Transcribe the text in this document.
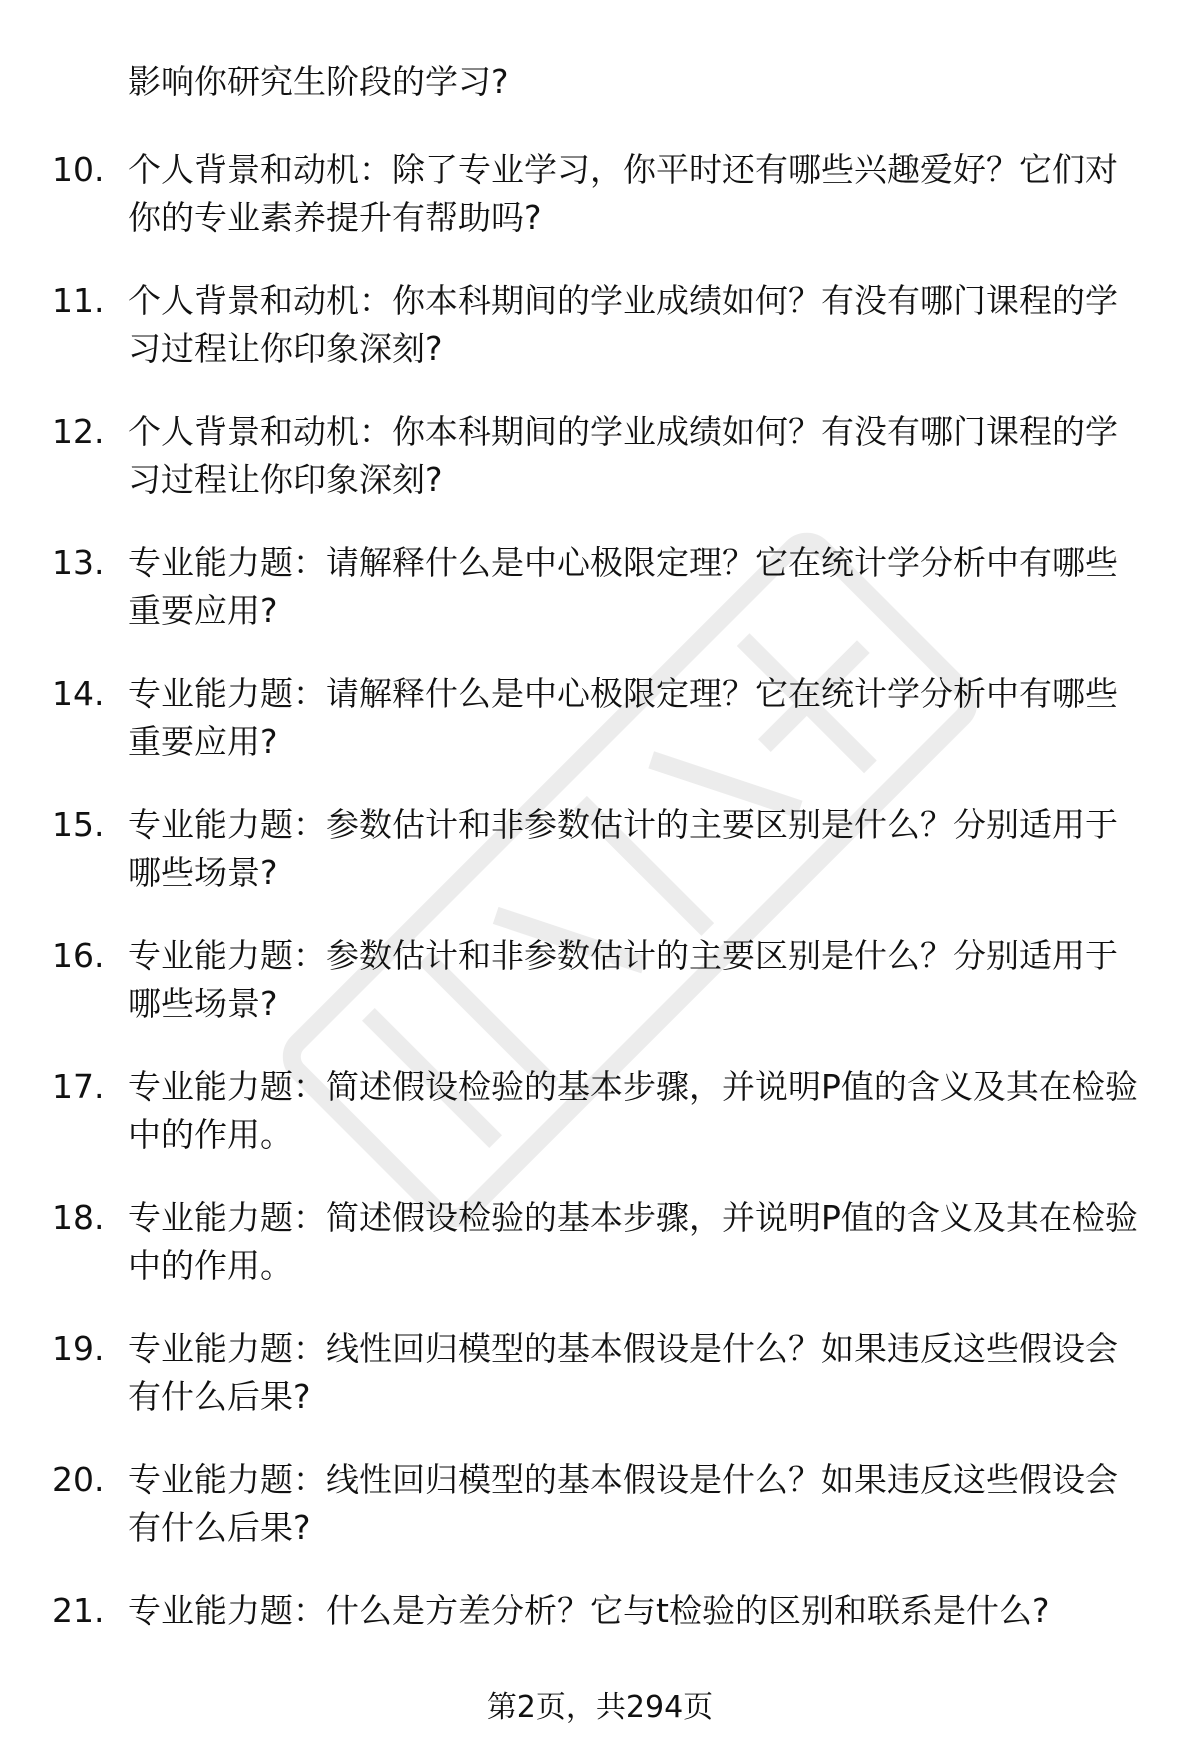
影响你研究生阶段的学习?

10. 个人背景和动机：除了专业学习，你平时还有哪些兴趣爱好？它们对你的专业素养提升有帮助吗?
11. 个人背景和动机：你本科期间的学业成绩如何？有没有哪门课程的学习过程让你印象深刻?
12. 个人背景和动机：你本科期间的学业成绩如何？有没有哪门课程的学习过程让你印象深刻?
13. 专业能力题：请解释什么是中心极限定理？它在统计学分析中有哪些重要应用?
14. 专业能力题：请解释什么是中心极限定理？它在统计学分析中有哪些重要应用?
15. 专业能力题：参数估计和非参数估计的主要区别是什么？分别适用于哪些场景?
16. 专业能力题：参数估计和非参数估计的主要区别是什么？分别适用于哪些场景?
17. 专业能力题：简述假设检验的基本步骤，并说明P值的含义及其在检验中的作用。
18. 专业能力题：简述假设检验的基本步骤，并说明P值的含义及其在检验中的作用。
19. 专业能力题：线性回归模型的基本假设是什么？如果违反这些假设会有什么后果?
20. 专业能力题：线性回归模型的基本假设是什么？如果违反这些假设会有什么后果?
21. 专业能力题：什么是方差分析？它与t检验的区别和联系是什么?
第2页，共294页
